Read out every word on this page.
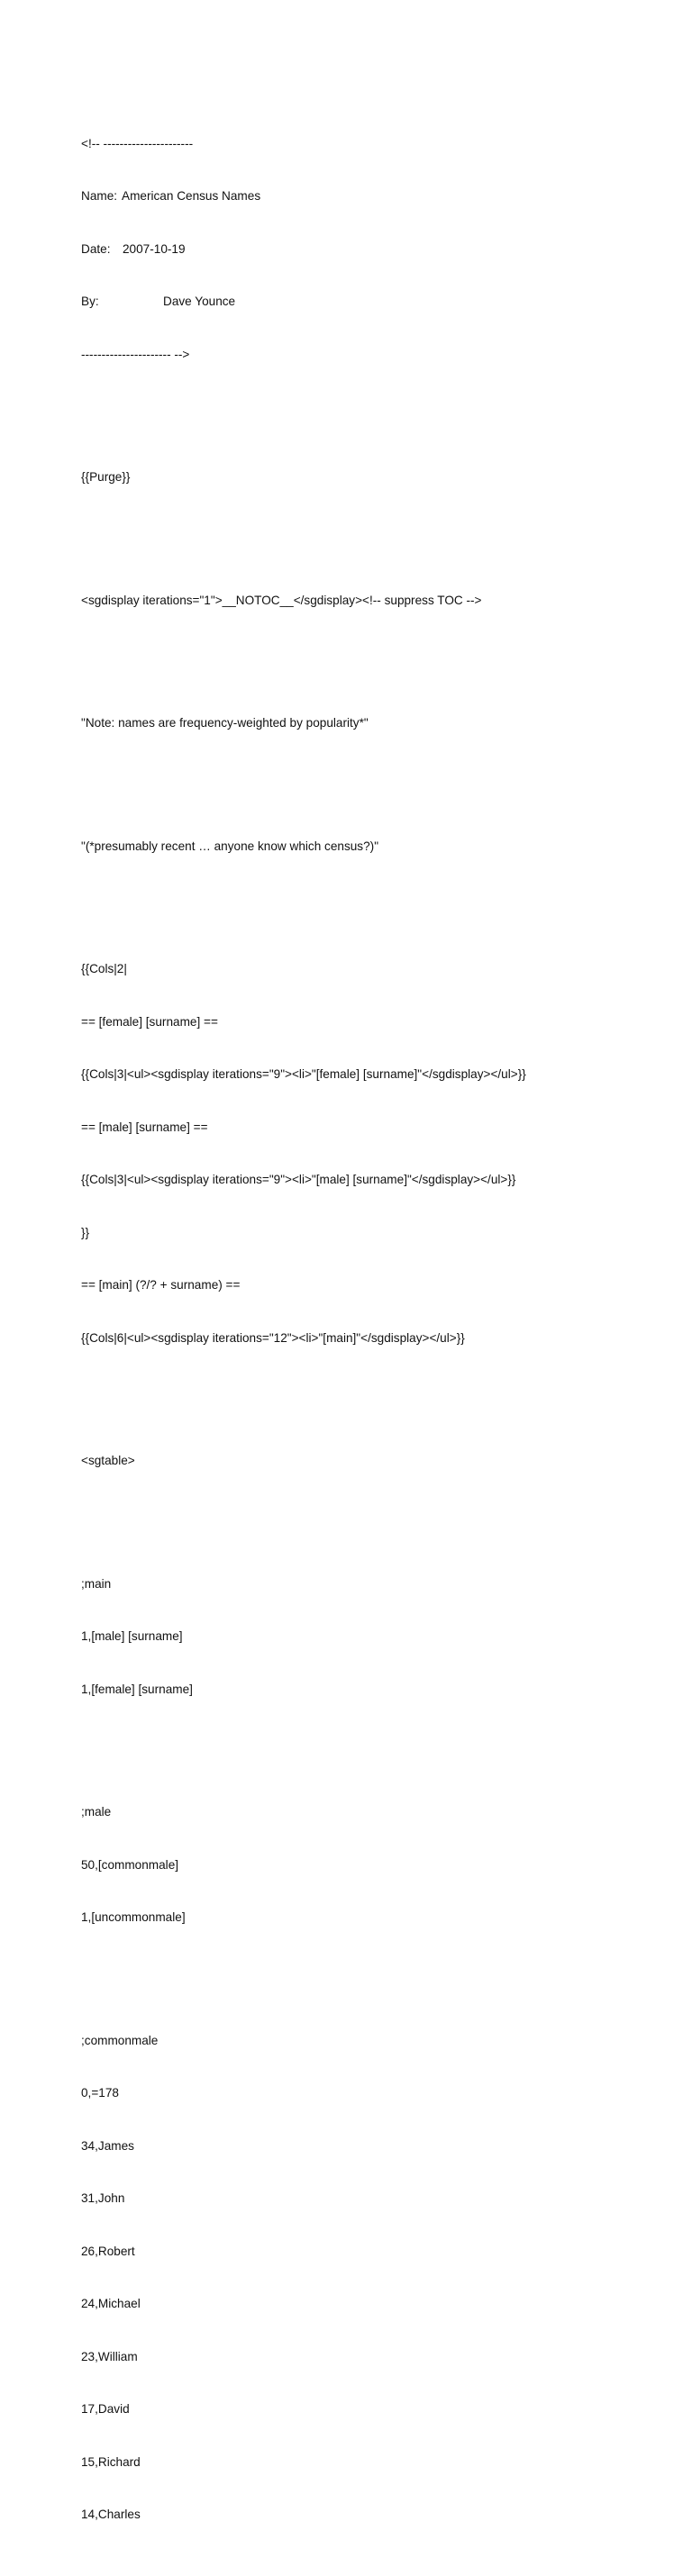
<!-- ----------------------

Name: American Census Names

Date: 2007-10-19

By:	Dave Younce

---------------------- -->

{{Purge}}

<sgdisplay iterations="1">__NOTOC__</sgdisplay><!-- suppress TOC -->

"Note: names are frequency-weighted by popularity*"

"(*presumably recent … anyone know which census?)"

{{Cols|2|

== [female] [surname] ==

{{Cols|3|<ul><sgdisplay iterations="9"><li>"[female] [surname]"</sgdisplay></ul>}}

== [male] [surname] ==

{{Cols|3|<ul><sgdisplay iterations="9"><li>"[male] [surname]"</sgdisplay></ul>}}

}}

== [main] (?/? + surname) ==

{{Cols|6|<ul><sgdisplay iterations="12"><li>"[main]"</sgdisplay></ul>}}

<sgtable>

;main

1,[male] [surname]

1,[female] [surname]

;male

50,[commonmale]

1,[uncommonmale]

;commonmale

0,=178

34,James

31,John

26,Robert

24,Michael

23,William

17,David

15,Richard

14,Charles
